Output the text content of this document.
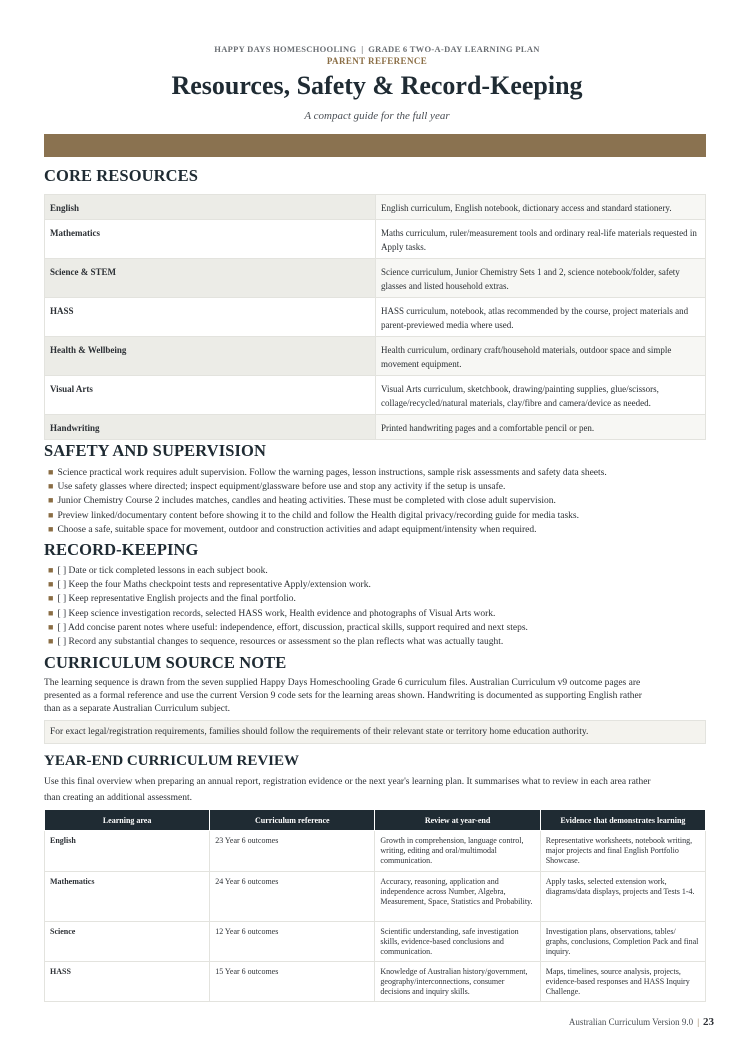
HAPPY DAYS HOMESCHOOLING  |  GRADE 6 TWO-A-DAY LEARNING PLAN
PARENT REFERENCE
Resources, Safety & Record-Keeping
A compact guide for the full year
CORE RESOURCES
English	English curriculum, English notebook, dictionary access and standard stationery.
Mathematics	Maths curriculum, ruler/measurement tools and ordinary real-life materials requested in Apply tasks.
Science & STEM	Science curriculum, Junior Chemistry Sets 1 and 2, science notebook/folder, safety glasses and listed household extras.
HASS	HASS curriculum, notebook, atlas recommended by the course, project materials and parent-previewed media where used.
Health & Wellbeing	Health curriculum, ordinary craft/household materials, outdoor space and simple movement equipment.
Visual Arts	Visual Arts curriculum, sketchbook, drawing/painting supplies, glue/scissors, collage/recycled/natural materials, clay/fibre and camera/device as needed.
Handwriting	Printed handwriting pages and a comfortable pencil or pen.
SAFETY AND SUPERVISION
■ Science practical work requires adult supervision. Follow the warning pages, lesson instructions, sample risk assessments and safety data sheets.
■ Use safety glasses where directed; inspect equipment/glassware before use and stop any activity if the setup is unsafe.
■ Junior Chemistry Course 2 includes matches, candles and heating activities. These must be completed with close adult supervision.
■ Preview linked/documentary content before showing it to the child and follow the Health digital privacy/recording guide for media tasks.
■ Choose a safe, suitable space for movement, outdoor and construction activities and adapt equipment/intensity when required.
RECORD-KEEPING
■ [ ] Date or tick completed lessons in each subject book.
■ [ ] Keep the four Maths checkpoint tests and representative Apply/extension work.
■ [ ] Keep representative English projects and the final portfolio.
■ [ ] Keep science investigation records, selected HASS work, Health evidence and photographs of Visual Arts work.
■ [ ] Add concise parent notes where useful: independence, effort, discussion, practical skills, support required and next steps.
■ [ ] Record any substantial changes to sequence, resources or assessment so the plan reflects what was actually taught.
CURRICULUM SOURCE NOTE
The learning sequence is drawn from the seven supplied Happy Days Homeschooling Grade 6 curriculum files. Australian Curriculum v9 outcome pages are
presented as a formal reference and use the current Version 9 code sets for the learning areas shown. Handwriting is documented as supporting English rather
than as a separate Australian Curriculum subject.
For exact legal/registration requirements, families should follow the requirements of their relevant state or territory home education authority.
YEAR-END CURRICULUM REVIEW
Use this final overview when preparing an annual report, registration evidence or the next year's learning plan. It summarises what to review in each area rather
than creating an additional assessment.
Learning area	Curriculum reference	Review at year-end	Evidence that demonstrates learning
English	23 Year 6 outcomes	Growth in comprehension, language control, writing, editing and oral/multimodal communication.	Representative worksheets, notebook writing, major projects and final English Portfolio Showcase.
Mathematics	24 Year 6 outcomes	Accuracy, reasoning, application and independence across Number, Algebra, Measurement, Space, Statistics and Probability.	Apply tasks, selected extension work, diagrams/data displays, projects and Tests 1-4.
Science	12 Year 6 outcomes	Scientific understanding, safe investigation skills, evidence-based conclusions and communication.	Investigation plans, observations, tables/ graphs, conclusions, Completion Pack and final inquiry.
HASS	15 Year 6 outcomes	Knowledge of Australian history/government, geography/interconnections, consumer decisions and inquiry skills.	Maps, timelines, source analysis, projects, evidence-based responses and HASS Inquiry Challenge.
Australian Curriculum Version 9.0 | 23
